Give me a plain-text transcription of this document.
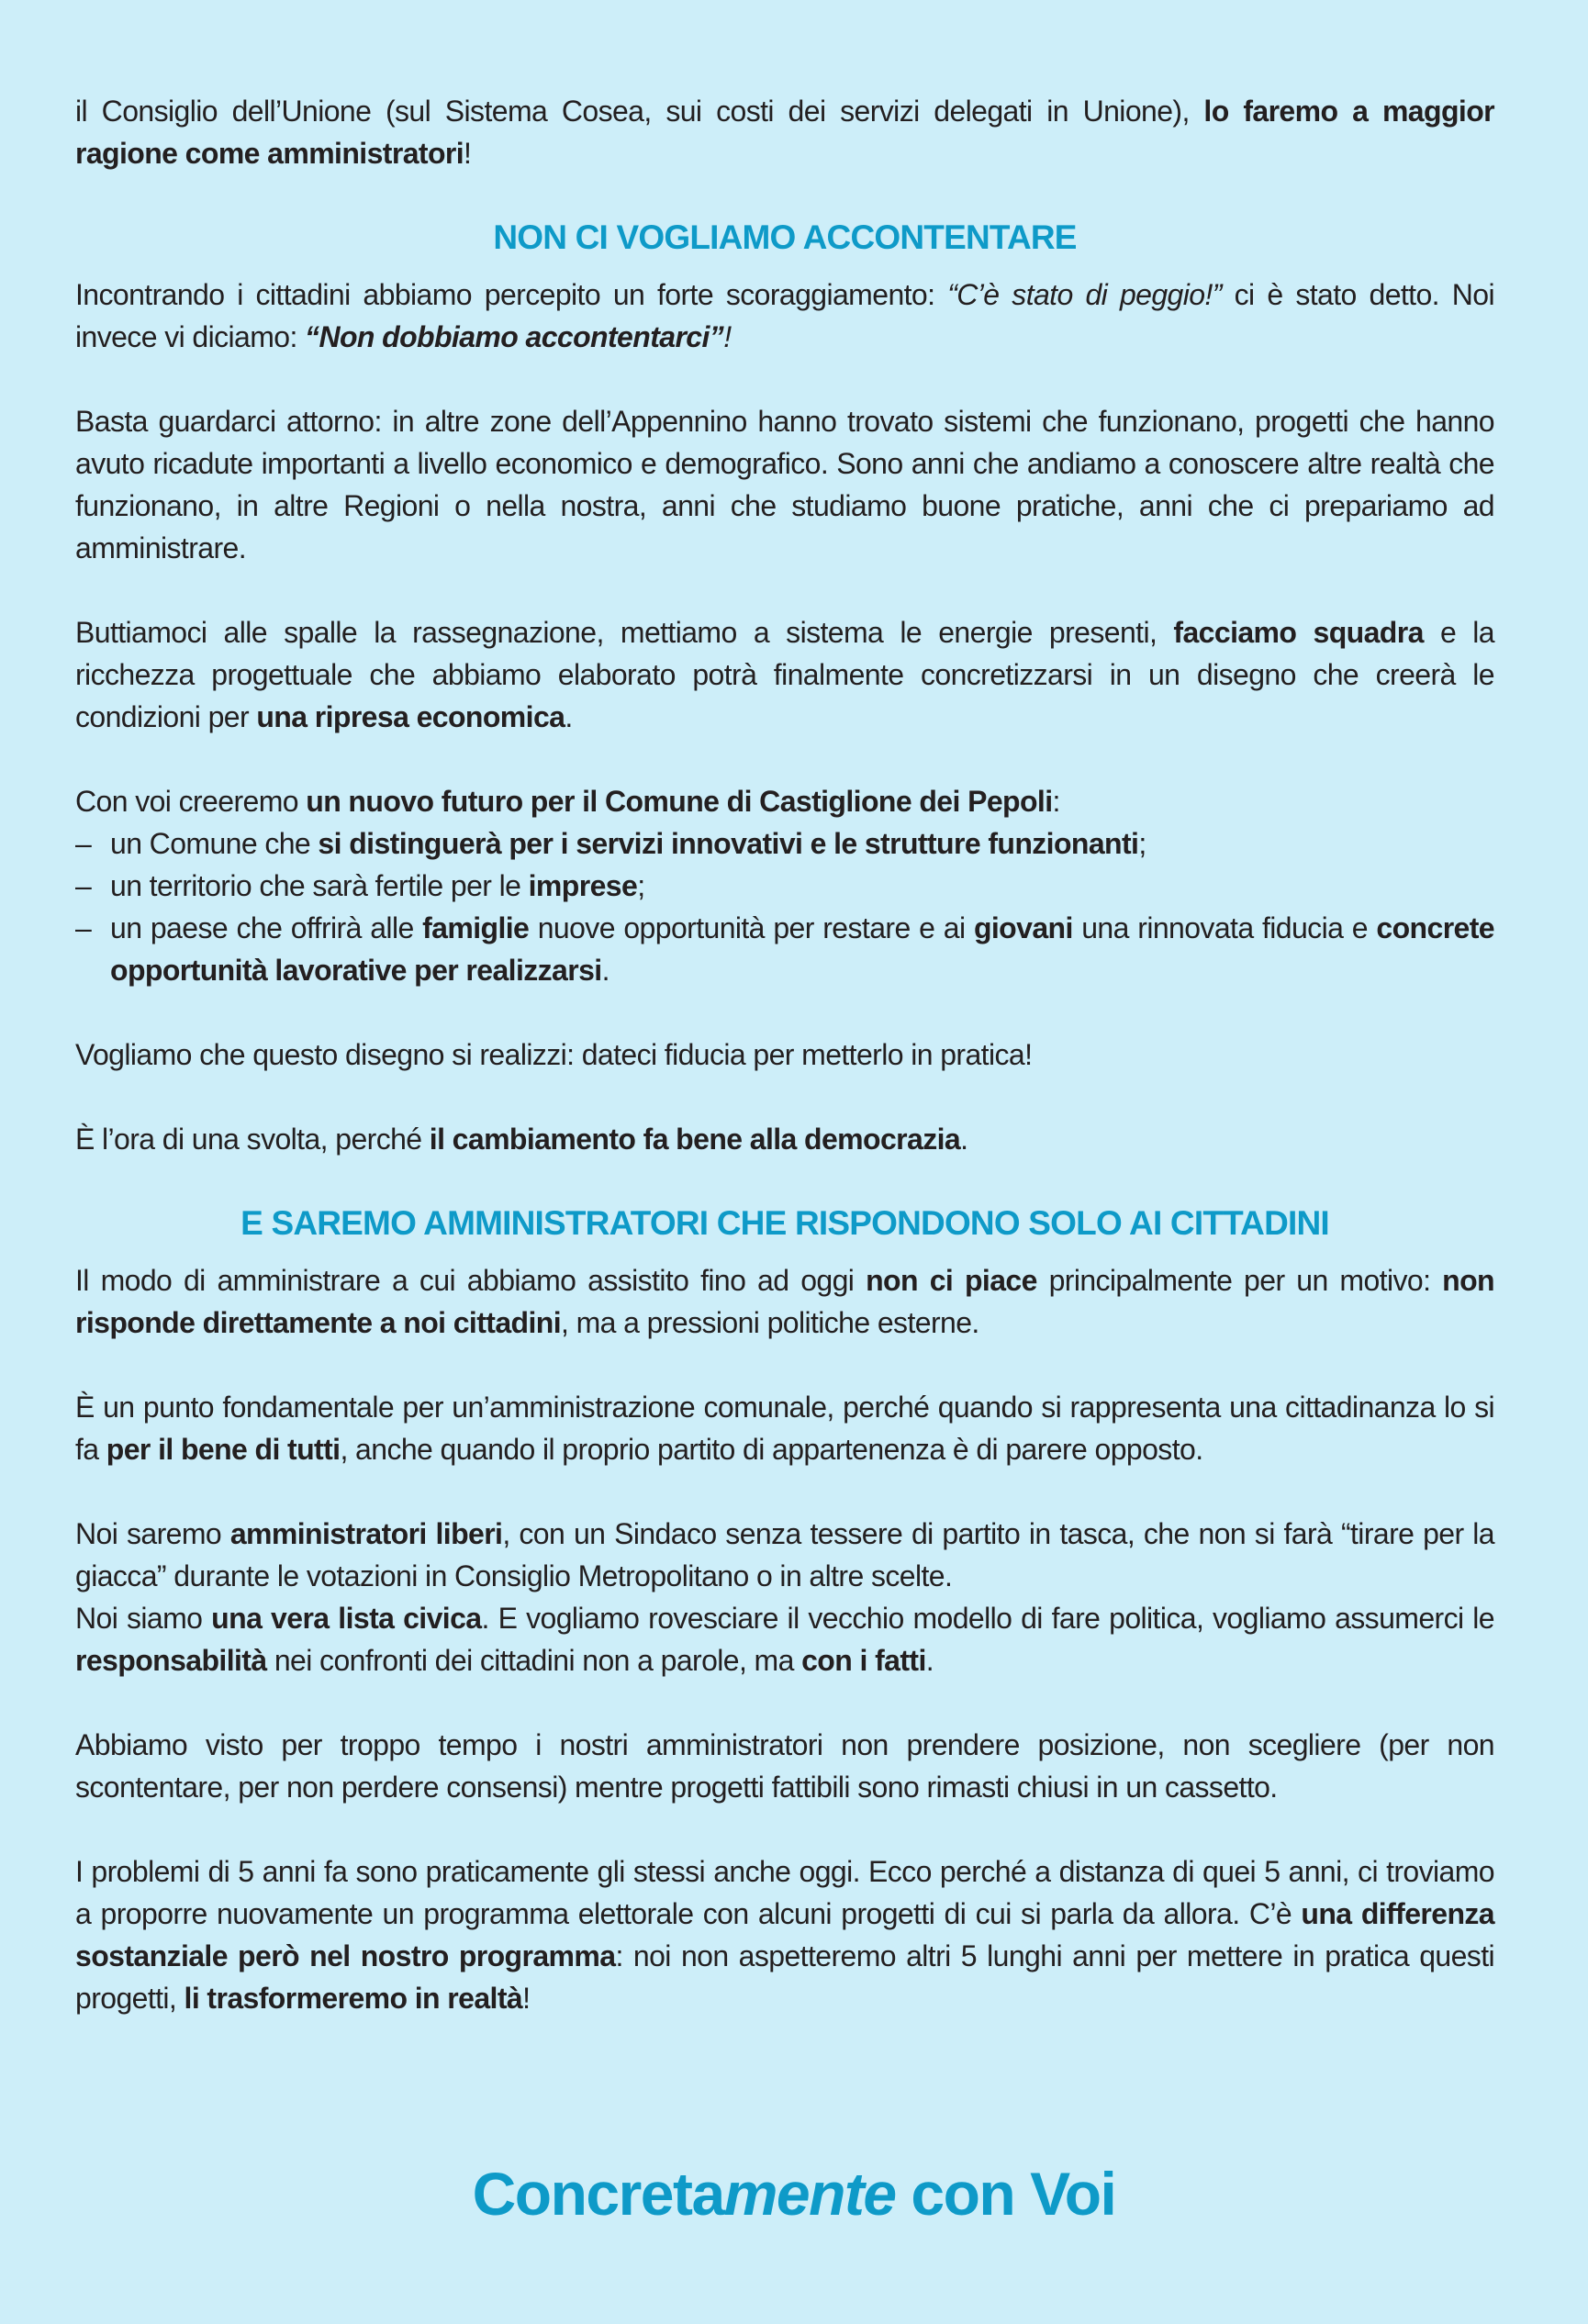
il Consiglio dell’Unione (sul Sistema Cosea, sui costi dei servizi delegati in Unione), lo faremo a maggior ragione come amministratori!

NON CI VOGLIAMO ACCONTENTARE

Incontrando i cittadini abbiamo percepito un forte scoraggiamento: “C’è stato di peggio!” ci è stato detto. Noi invece vi diciamo: “Non dobbiamo accontentarci”!

Basta guardarci attorno: in altre zone dell’Appennino hanno trovato sistemi che funzionano, progetti che hanno avuto ricadute importanti a livello economico e demografico. Sono anni che andiamo a conoscere altre realtà che funzionano, in altre Regioni o nella nostra, anni che studiamo buone pratiche, anni che ci prepariamo ad amministrare.

Buttiamoci alle spalle la rassegnazione, mettiamo a sistema le energie presenti, facciamo squadra e la ricchezza progettuale che abbiamo elaborato potrà finalmente concretizzarsi in un disegno che creerà le condizioni per una ripresa economica.

Con voi creeremo un nuovo futuro per il Comune di Castiglione dei Pepoli:

– un Comune che si distinguerà per i servizi innovativi e le strutture funzionanti;
– un territorio che sarà fertile per le imprese;
– un paese che offrirà alle famiglie nuove opportunità per restare e ai giovani una rinnovata fiducia e concrete opportunità lavorative per realizzarsi.

Vogliamo che questo disegno si realizzi: dateci fiducia per metterlo in pratica!

È l’ora di una svolta, perché il cambiamento fa bene alla democrazia.

E SAREMO AMMINISTRATORI CHE RISPONDONO SOLO AI CITTADINI

Il modo di amministrare a cui abbiamo assistito fino ad oggi non ci piace principalmente per un motivo: non risponde direttamente a noi cittadini, ma a pressioni politiche esterne.

È un punto fondamentale per un’amministrazione comunale, perché quando si rappresenta una cittadinanza lo si fa per il bene di tutti, anche quando il proprio partito di appartenenza è di parere opposto.

Noi saremo amministratori liberi, con un Sindaco senza tessere di partito in tasca, che non si farà “tirare per la giacca” durante le votazioni in Consiglio Metropolitano o in altre scelte.

Noi siamo una vera lista civica. E vogliamo rovesciare il vecchio modello di fare politica, vogliamo assumerci le responsabilità nei confronti dei cittadini non a parole, ma con i fatti.

Abbiamo visto per troppo tempo i nostri amministratori non prendere posizione, non scegliere (per non scontentare, per non perdere consensi) mentre progetti fattibili sono rimasti chiusi in un cassetto.

I problemi di 5 anni fa sono praticamente gli stessi anche oggi. Ecco perché a distanza di quei 5 anni, ci troviamo a proporre nuovamente un programma elettorale con alcuni progetti di cui si parla da allora. C’è una differenza sostanziale però nel nostro programma: noi non aspetteremo altri 5 lunghi anni per mettere in pratica questi progetti, li trasformeremo in realtà!

Concretamente con Voi
